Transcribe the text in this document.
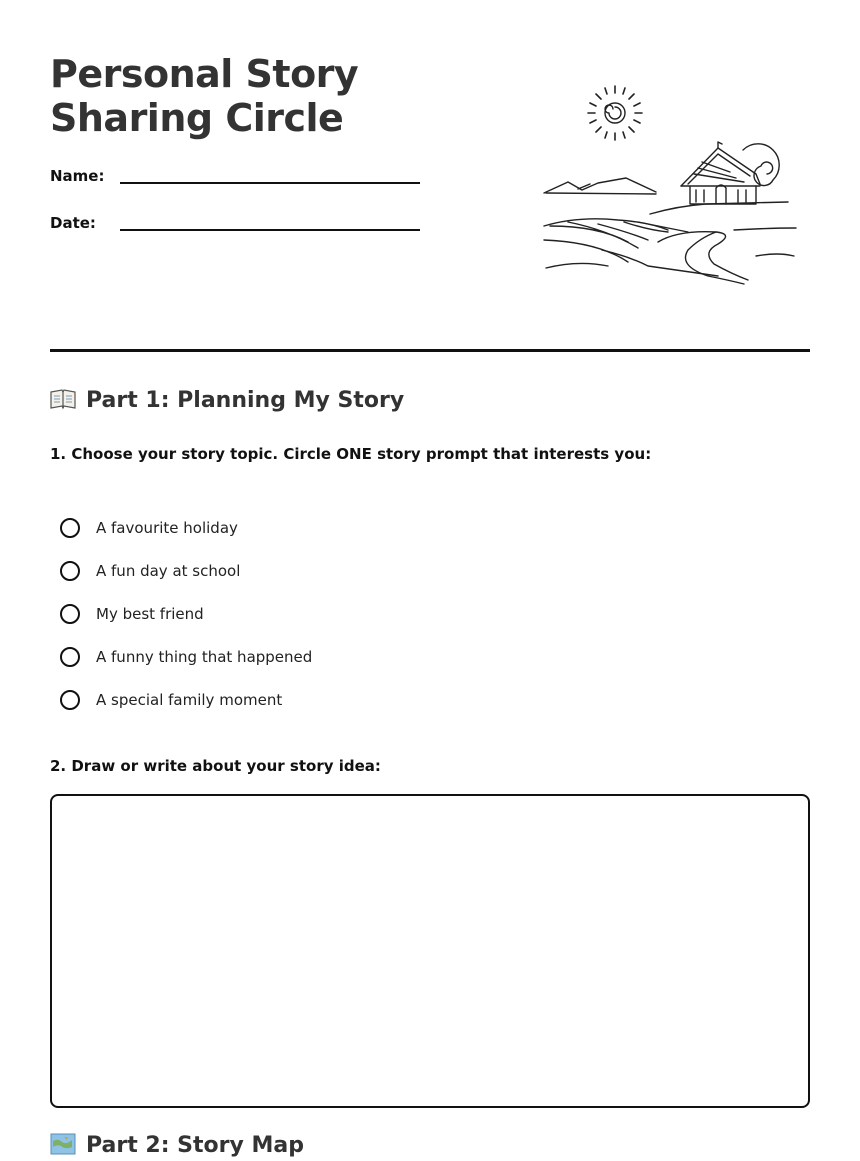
Personal Story Sharing Circle
Name:
Date:
Part 1: Planning My Story

1. Choose your story topic. Circle ONE story prompt that interests you:

A favourite holiday
A fun day at school
My best friend
A funny thing that happened
A special family moment

2. Draw or write about your story idea:

Part 2: Story Map
